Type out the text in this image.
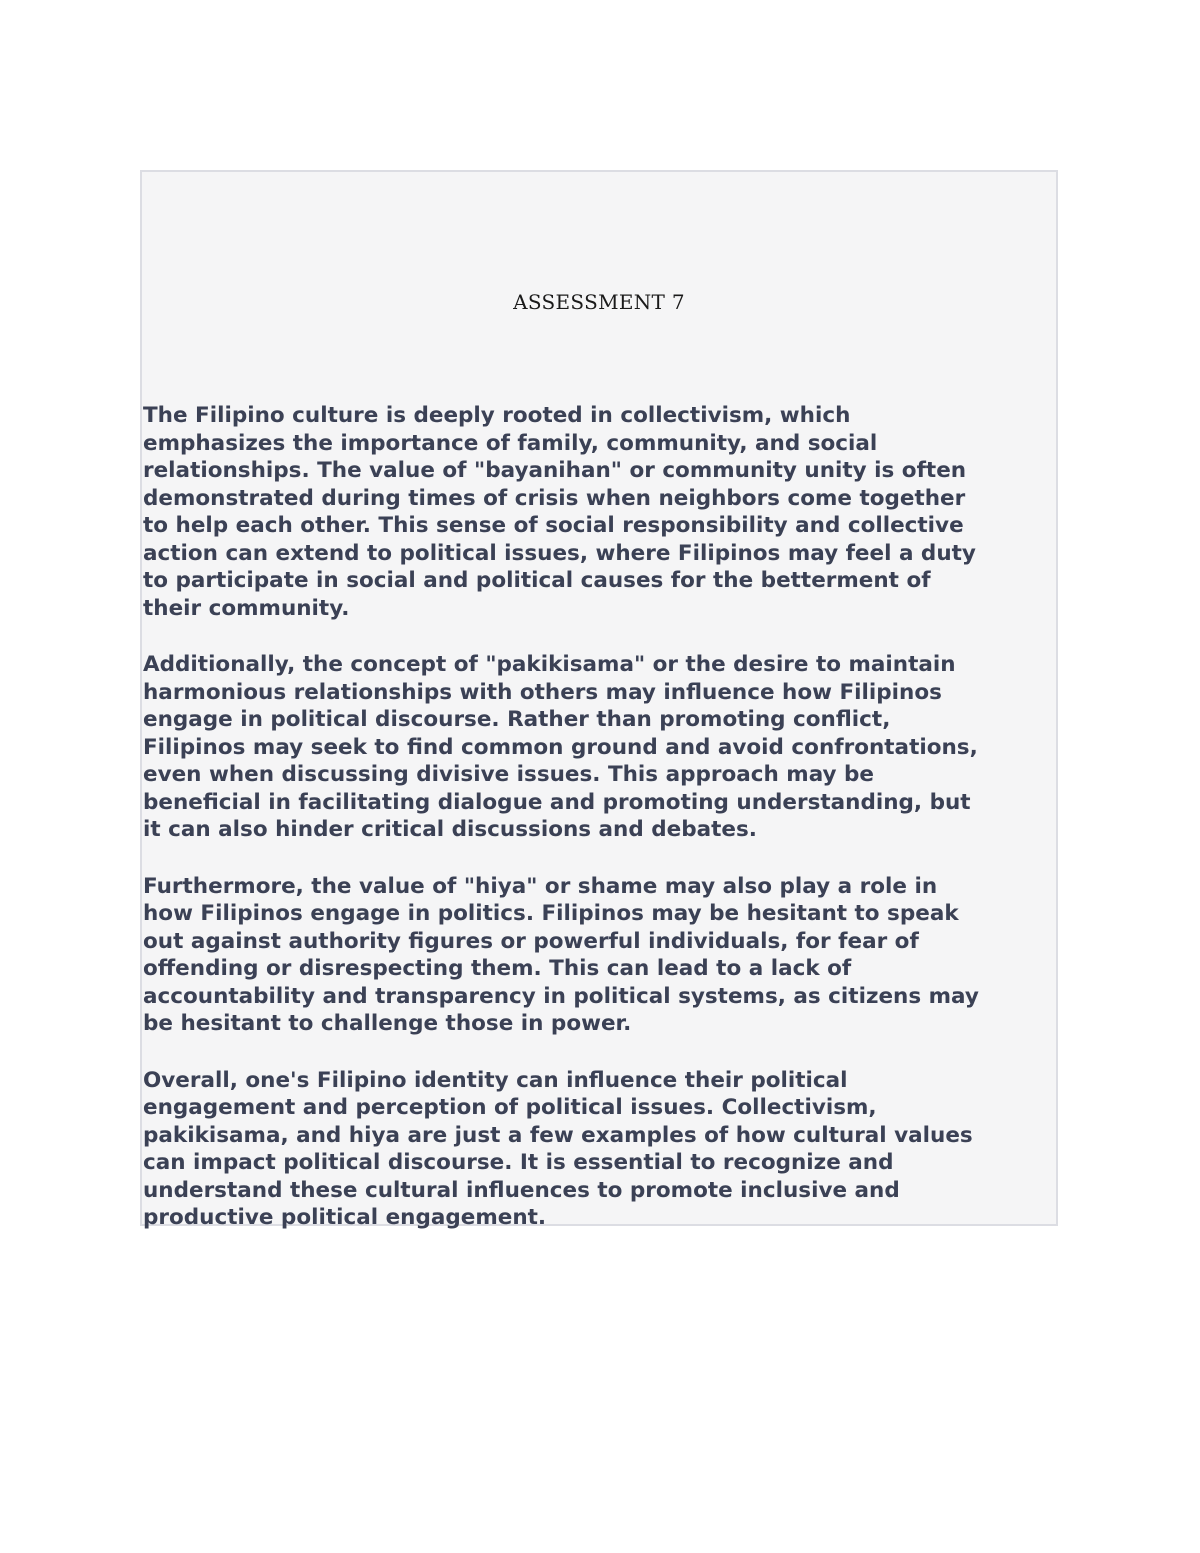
ASSESSMENT 7

The Filipino culture is deeply rooted in collectivism, which
emphasizes the importance of family, community, and social
relationships. The value of "bayanihan" or community unity is often
demonstrated during times of crisis when neighbors come together
to help each other. This sense of social responsibility and collective
action can extend to political issues, where Filipinos may feel a duty
to participate in social and political causes for the betterment of
their community.

Additionally, the concept of "pakikisama" or the desire to maintain
harmonious relationships with others may influence how Filipinos
engage in political discourse. Rather than promoting conflict,
Filipinos may seek to find common ground and avoid confrontations,
even when discussing divisive issues. This approach may be
beneficial in facilitating dialogue and promoting understanding, but
it can also hinder critical discussions and debates.

Furthermore, the value of "hiya" or shame may also play a role in
how Filipinos engage in politics. Filipinos may be hesitant to speak
out against authority figures or powerful individuals, for fear of
offending or disrespecting them. This can lead to a lack of
accountability and transparency in political systems, as citizens may
be hesitant to challenge those in power.

Overall, one's Filipino identity can influence their political
engagement and perception of political issues. Collectivism,
pakikisama, and hiya are just a few examples of how cultural values
can impact political discourse. It is essential to recognize and
understand these cultural influences to promote inclusive and
productive political engagement.
